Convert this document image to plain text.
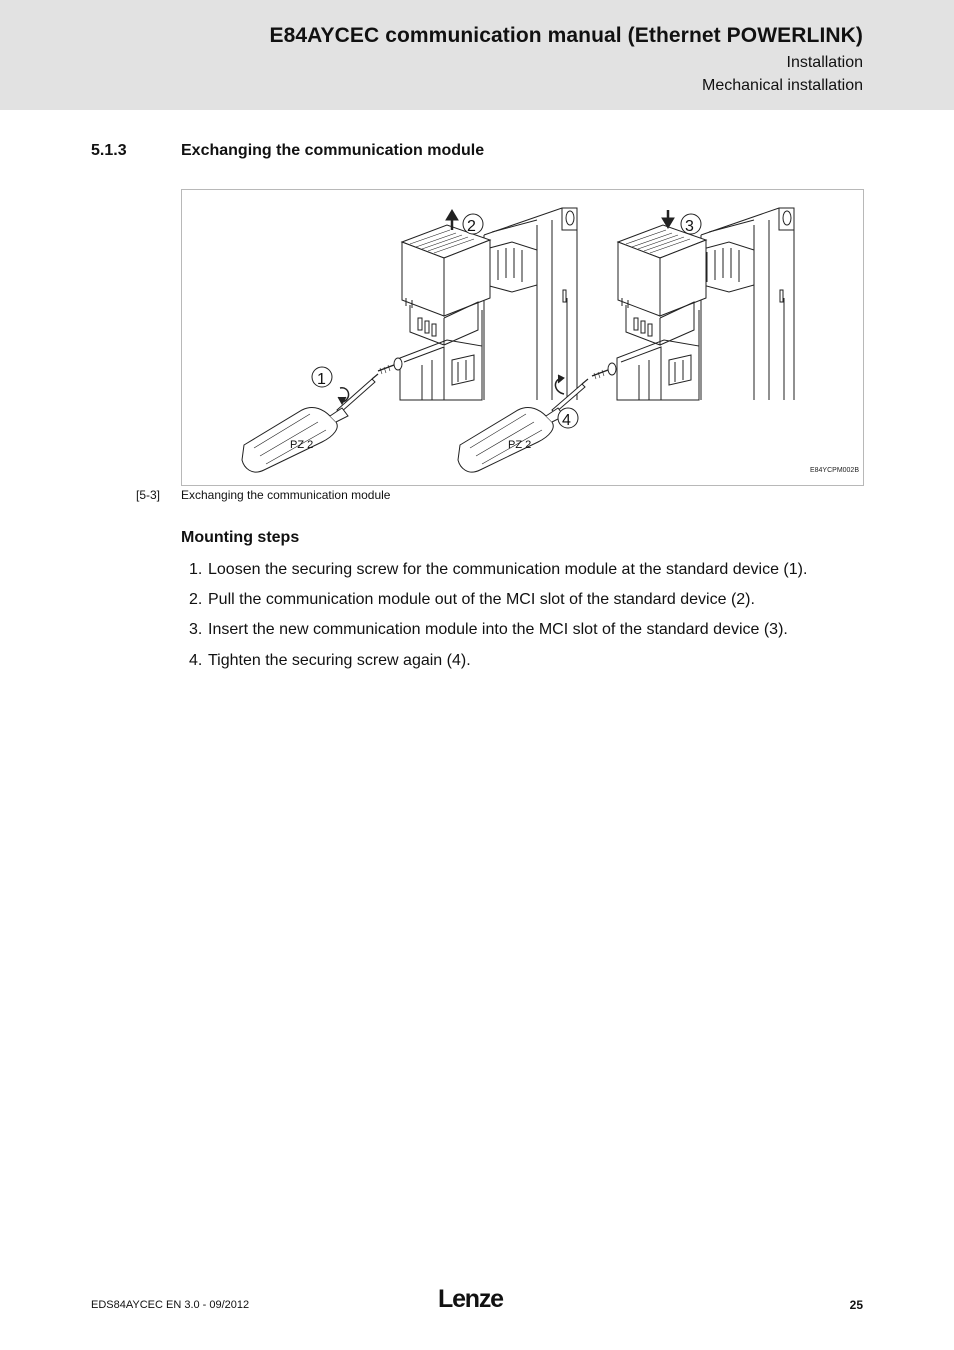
E84AYCEC communication manual (Ethernet POWERLINK)
Installation
Mechanical installation
5.1.3	Exchanging the communication module
1
2	3
4
PZ 2	PZ 2
E84YCPM002B
[5-3] Exchanging the communication module
Mounting steps
1. Loosen the securing screw for the communication module at the standard device (1).
2. Pull the communication module out of the MCI slot of the standard device (2).
3. Insert the new communication module into the MCI slot of the standard device (3).
4. Tighten the securing screw again (4).
EDS84AYCEC EN 3.0 - 09/2012	Lenze	25
